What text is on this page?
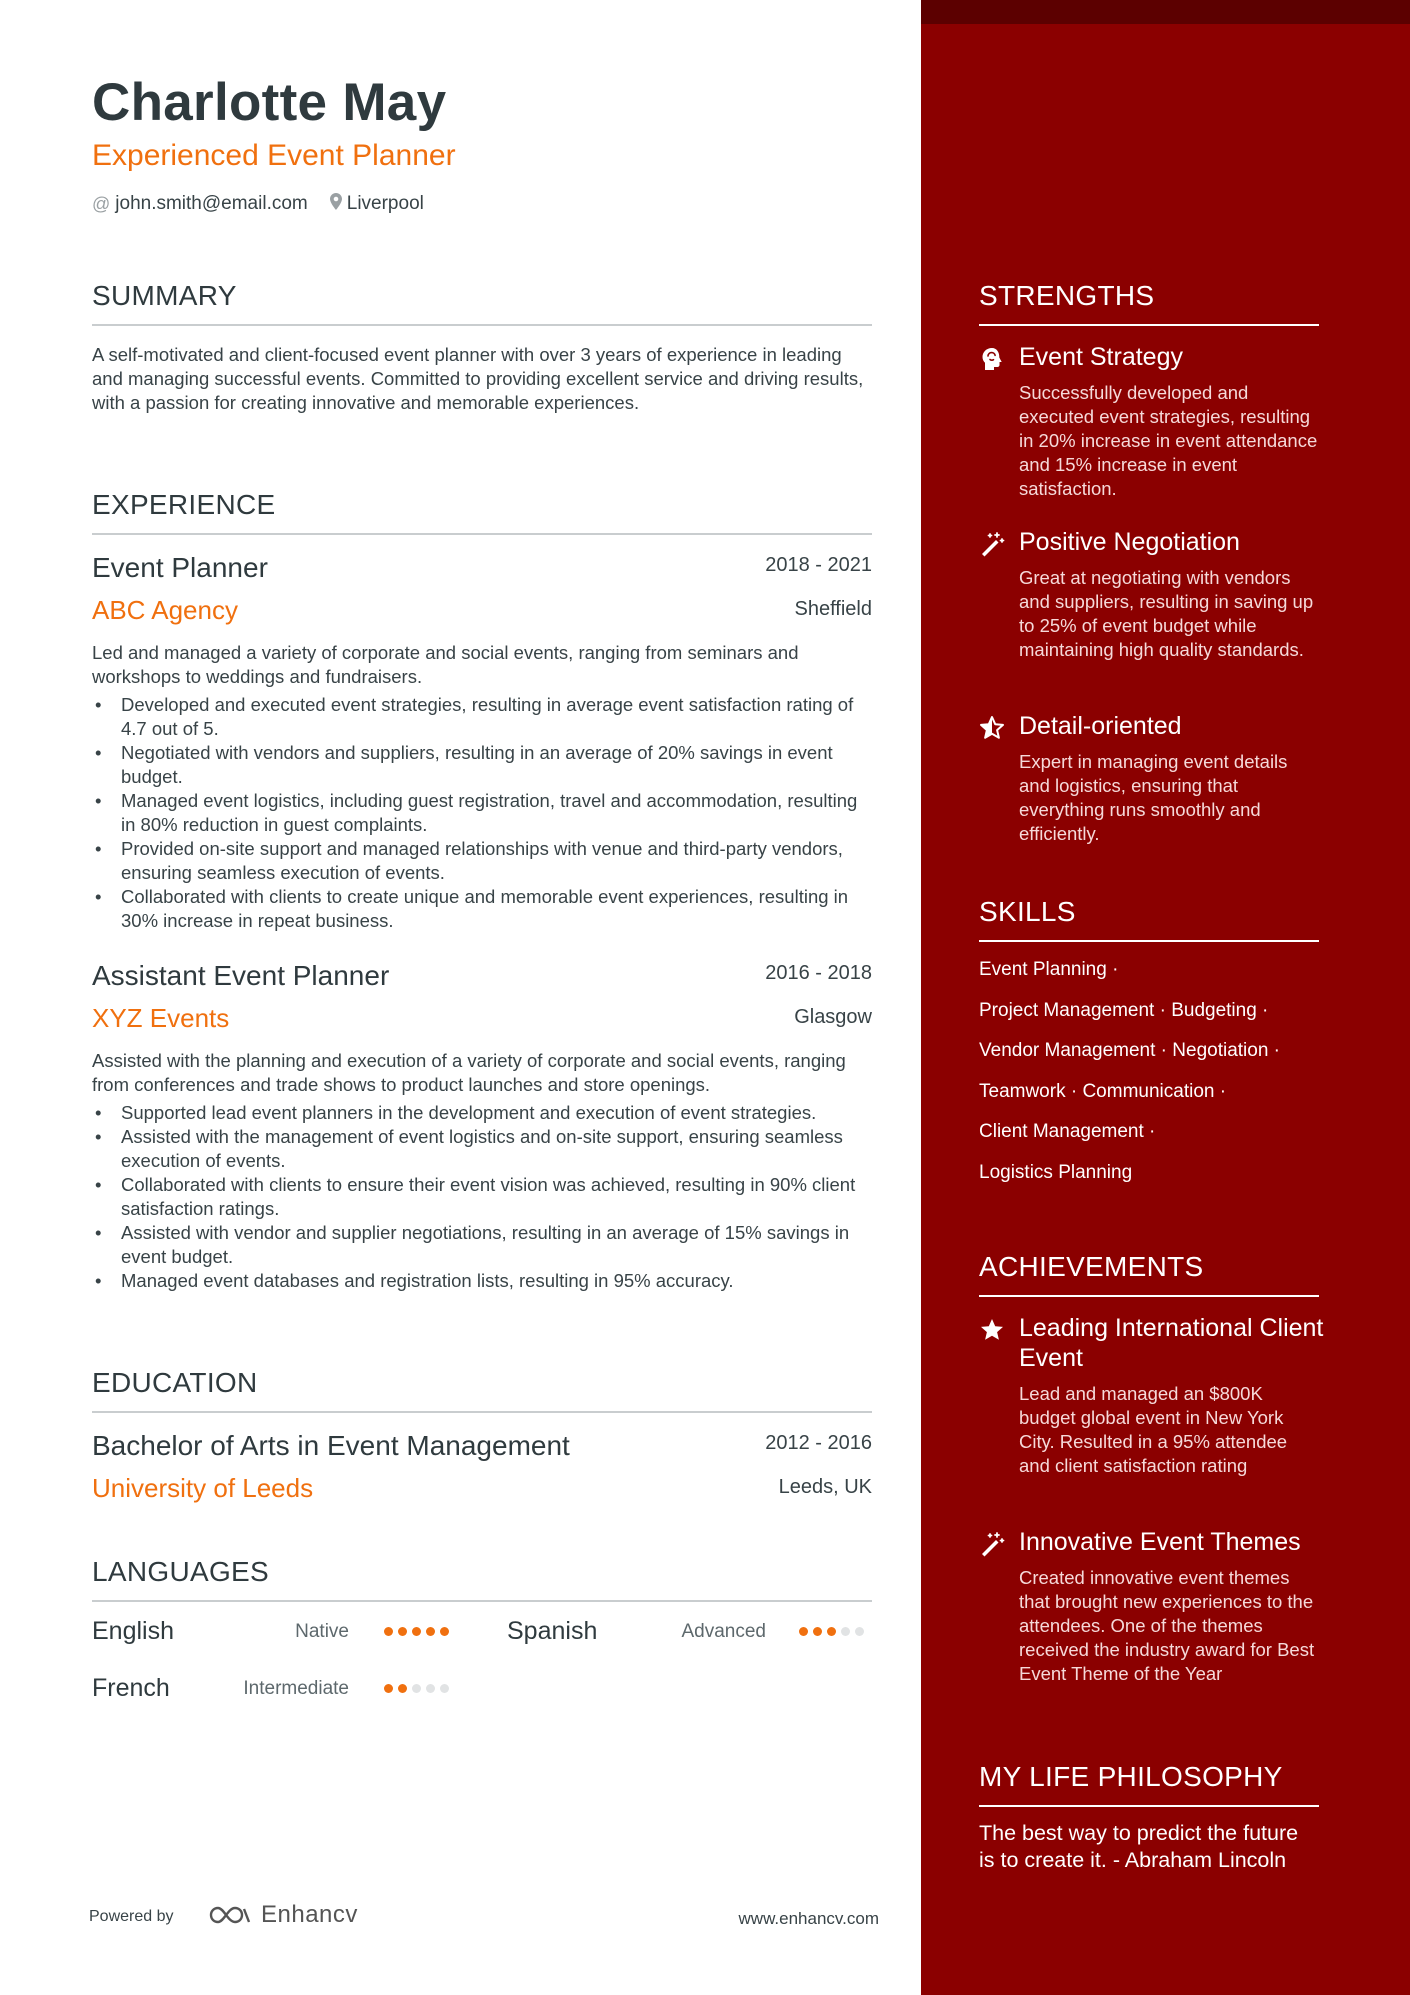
Charlotte May
Experienced Event Planner
@ john.smith@email.com Liverpool
SUMMARY
A self-motivated and client-focused event planner with over 3 years of experience in leading and managing successful events. Committed to providing excellent service and driving results, with a passion for creating innovative and memorable experiences.
EXPERIENCE
Event Planner	2018 - 2021
ABC Agency	Sheffield
Led and managed a variety of corporate and social events, ranging from seminars and workshops to weddings and fundraisers.
• Developed and executed event strategies, resulting in average event satisfaction rating of 4.7 out of 5.
• Negotiated with vendors and suppliers, resulting in an average of 20% savings in event budget.
• Managed event logistics, including guest registration, travel and accommodation, resulting in 80% reduction in guest complaints.
• Provided on-site support and managed relationships with venue and third-party vendors, ensuring seamless execution of events.
• Collaborated with clients to create unique and memorable event experiences, resulting in 30% increase in repeat business.
Assistant Event Planner	2016 - 2018
XYZ Events	Glasgow
Assisted with the planning and execution of a variety of corporate and social events, ranging from conferences and trade shows to product launches and store openings.
• Supported lead event planners in the development and execution of event strategies.
• Assisted with the management of event logistics and on-site support, ensuring seamless execution of events.
• Collaborated with clients to ensure their event vision was achieved, resulting in 90% client satisfaction ratings.
• Assisted with vendor and supplier negotiations, resulting in an average of 15% savings in event budget.
• Managed event databases and registration lists, resulting in 95% accuracy.
EDUCATION
Bachelor of Arts in Event Management	2012 - 2016
University of Leeds	Leeds, UK
LANGUAGES
English	Native	Spanish	Advanced
French	Intermediate
Powered by	Enhancv	www.enhancv.com
STRENGTHS
Event Strategy
Successfully developed and executed event strategies, resulting in 20% increase in event attendance and 15% increase in event satisfaction.
Positive Negotiation
Great at negotiating with vendors and suppliers, resulting in saving up to 25% of event budget while maintaining high quality standards.
Detail-oriented
Expert in managing event details and logistics, ensuring that everything runs smoothly and efficiently.
SKILLS
Event Planning ·
Project Management · Budgeting ·
Vendor Management · Negotiation ·
Teamwork · Communication ·
Client Management ·
Logistics Planning
ACHIEVEMENTS
Leading International Client Event
Lead and managed an $800K budget global event in New York City. Resulted in a 95% attendee and client satisfaction rating
Innovative Event Themes
Created innovative event themes that brought new experiences to the attendees. One of the themes received the industry award for Best Event Theme of the Year
MY LIFE PHILOSOPHY
The best way to predict the future is to create it. - Abraham Lincoln
